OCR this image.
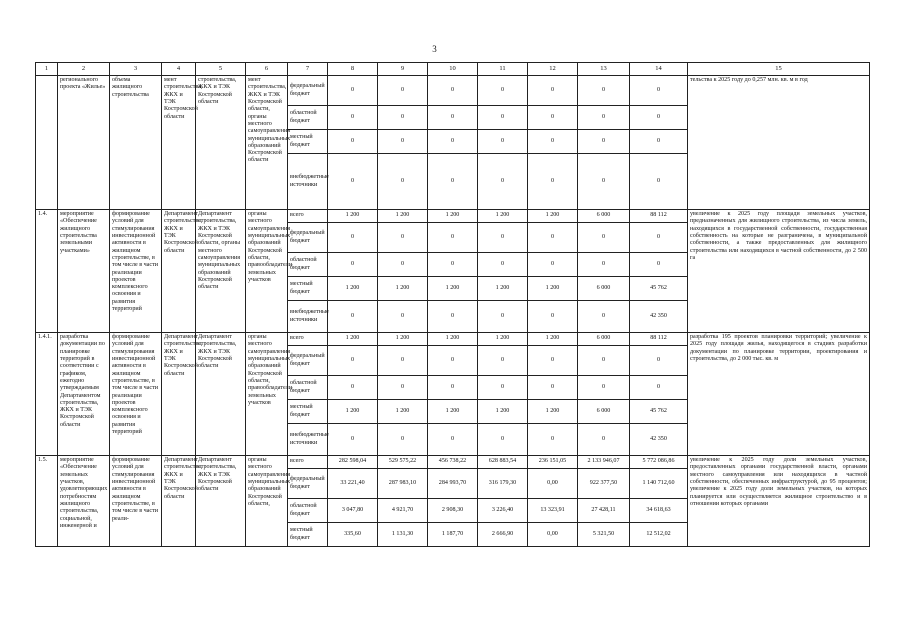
3
1	2	3	4	5	6	7	8	9	10	11	12	13	14	15
	регионального проекта «Жилье»	объема жилищного строительства	мент строительства, ЖКХ и ТЭК Костромской области	строительства, ЖКХ и ТЭК Костромской области	мент строительства, ЖКХ и ТЭК Костромской области, органы местного самоуправления муниципальных образований Костромской области	федеральный бюджет	0	0	0	0	0	0	0	тельства к 2025 году до 0,257 млн. кв. м в год
						областной бюджет	0	0	0	0	0	0	0	
						местный бюджет	0	0	0	0	0	0	0	
						внебюджетные источники	0	0	0	0	0	0	0	
1.4.	мероприятие «Обеспечение жилищного строительства земельными участками»	формирование условий для стимулирования инвестиционной активности в жилищном строительстве, в том числе в части реализации проектов комплексного освоения и развития территорий	Департамент строительства, ЖКХ и ТЭК Костромской области	Департамент строительства, ЖКХ и ТЭК Костромской области, органы местного самоуправления муниципальных образований Костромской области	органы местного самоуправления муниципальных образований Костромской области, правообладатели земельных участков	всего	1 200	1 200	1 200	1 200	1 200	6 000	88 112	увеличение к 2025 году площади земельных участков, предназначенных для жилищного строительства, из числа земель, находящихся в государственной собственности, государственная собственность на которые не разграничена, в муниципальной собственности, а также предоставленных для жилищного строительства или находящихся в частной собственности, до 2 500 га
						федеральный бюджет	0	0	0	0	0	0	0	
						областной бюджет	0	0	0	0	0	0	0	
						местный бюджет	1 200	1 200	1 200	1 200	1 200	6 000	45 762	
						внебюджетные источники	0	0	0	0	0	0	42 350	
1.4.1.	разработка документации по планировке территорий в соответствии с графиком, ежегодно утверждаемым Департаментом строительства, ЖКХ и ТЭК Костромской области	формирование условий для стимулирования инвестиционной активности в жилищном строительстве, в том числе в части реализации проектов комплексного освоения и развития территорий	Департамент строительства, ЖКХ и ТЭК Костромской области	Департамент строительства, ЖКХ и ТЭК Костромской области	органы местного самоуправления муниципальных образований Костромской области, правообладатели земельных участков	всего	1 200	1 200	1 200	1 200	1 200	6 000	88 112	разработка 195 проектов планировки территорий; увеличение к 2025 году площади жилья, находящегося в стадиях разработки документации по планировке территории, проектирования и строительства, до 2 000 тыс. кв. м
						федеральный бюджет	0	0	0	0	0	0	0	
						областной бюджет	0	0	0	0	0	0	0	
						местный бюджет	1 200	1 200	1 200	1 200	1 200	6 000	45 762	
						внебюджетные источники	0	0	0	0	0	0	42 350	
1.5.	мероприятие «Обеспечение земельных участков, удовлетворяющих потребностям жилищного строительства, социальной, инженерной и	формирование условий для стимулирования инвестиционной активности в жилищном строительстве, в том числе в части реали-	Департамент строительства, ЖКХ и ТЭК Костромской области	Департамент строительства, ЖКХ и ТЭК Костромской области	органы местного самоуправления муниципальных образований Костромской области,	всего	282 598,04	529 575,22	456 738,22	628 883,54	236 151,05	2 133 946,07	5 772 086,86	увеличение к 2025 году доли земельных участков, предоставленных органами государственной власти, органами местного самоуправления или находящихся в частной собственности, обеспеченных инфраструктурой, до 95 процентов; увеличение к 2025 году доли земельных участков, на которых планируется или осуществляется жилищное строительство и в отношении которых органами
						федеральный бюджет	33 221,40	287 983,10	284 993,70	316 179,30	0,00	922 377,50	1 140 712,60	
						областной бюджет	3 047,80	4 921,70	2 908,30	3 226,40	13 323,91	27 428,11	34 618,63	
						местный бюджет	335,60	1 131,30	1 187,70	2 666,90	0,00	5 321,50	12 512,02	
